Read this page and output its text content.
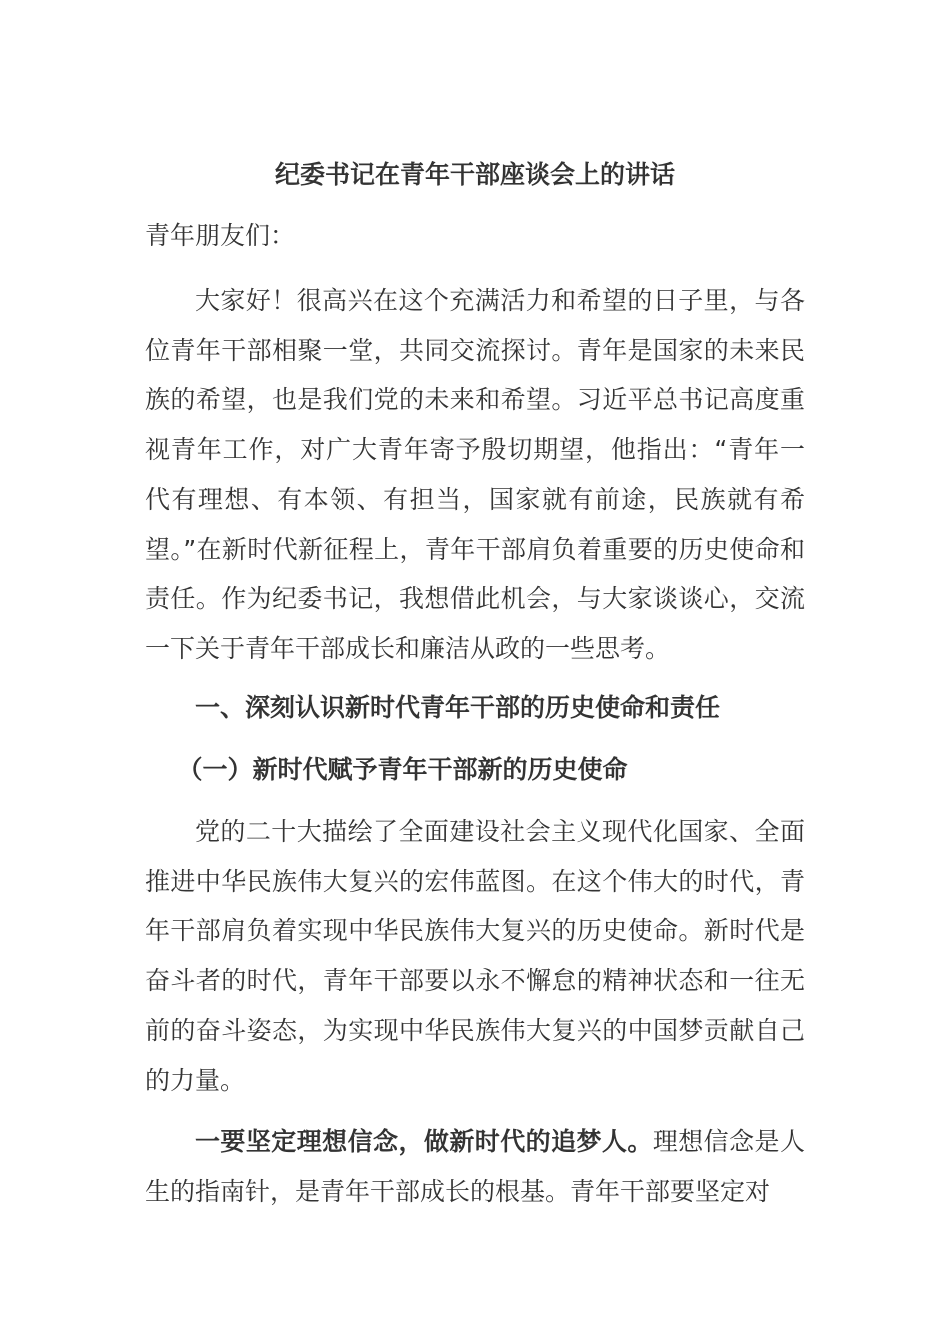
纪委书记在青年干部座谈会上的讲话

青年朋友们：

大家好！很高兴在这个充满活力和希望的日子里，与各位青年干部相聚一堂，共同交流探讨。青年是国家的未来民族的希望，也是我们党的未来和希望。习近平总书记高度重视青年工作，对广大青年寄予殷切期望，他指出：“青年一代有理想、有本领、有担当，国家就有前途，民族就有希望。”在新时代新征程上，青年干部肩负着重要的历史使命和责任。作为纪委书记，我想借此机会，与大家谈谈心，交流一下关于青年干部成长和廉洁从政的一些思考。

一、深刻认识新时代青年干部的历史使命和责任

（一）新时代赋予青年干部新的历史使命

党的二十大描绘了全面建设社会主义现代化国家、全面推进中华民族伟大复兴的宏伟蓝图。在这个伟大的时代，青年干部肩负着实现中华民族伟大复兴的历史使命。新时代是奋斗者的时代，青年干部要以永不懈怠的精神状态和一往无前的奋斗姿态，为实现中华民族伟大复兴的中国梦贡献自己的力量。

一要坚定理想信念，做新时代的追梦人。理想信念是人生的指南针，是青年干部成长的根基。青年干部要坚定对
